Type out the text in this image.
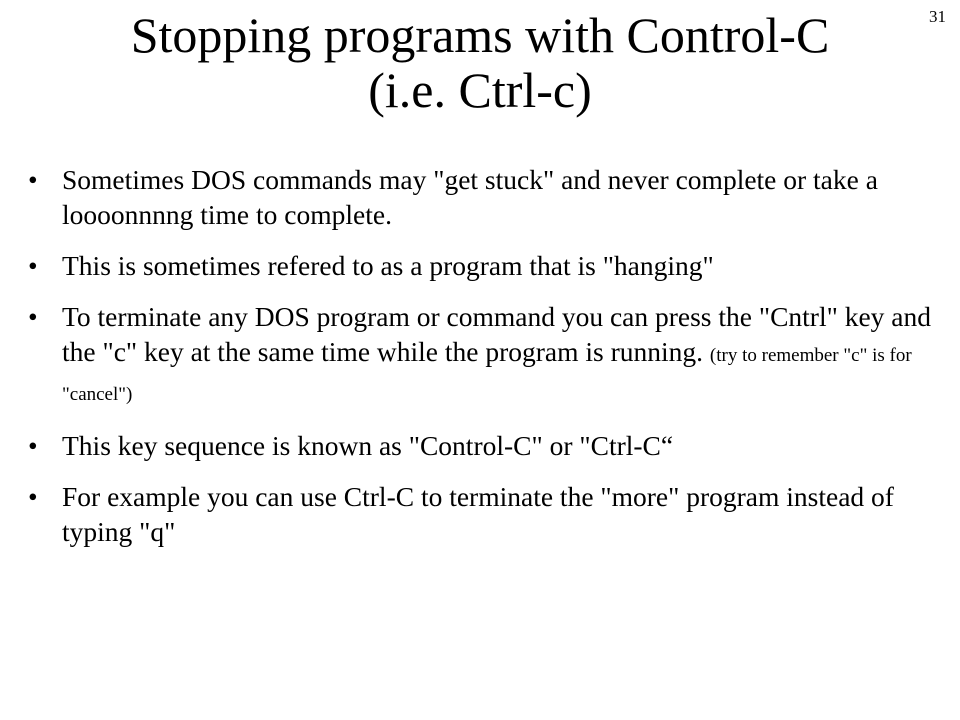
31
Stopping programs with Control-C
(i.e. Ctrl-c)
• Sometimes DOS commands may "get stuck" and never complete or take a loooonnnng time to complete.
• This is sometimes refered to as a program that is "hanging"
• To terminate any DOS program or command you can press the "Cntrl" key and the "c" key at the same time while the program is running. (try to remember "c" is for "cancel")
• This key sequence is known as "Control-C" or "Ctrl-C“
• For example you can use Ctrl-C to terminate the "more" program instead of typing "q"
